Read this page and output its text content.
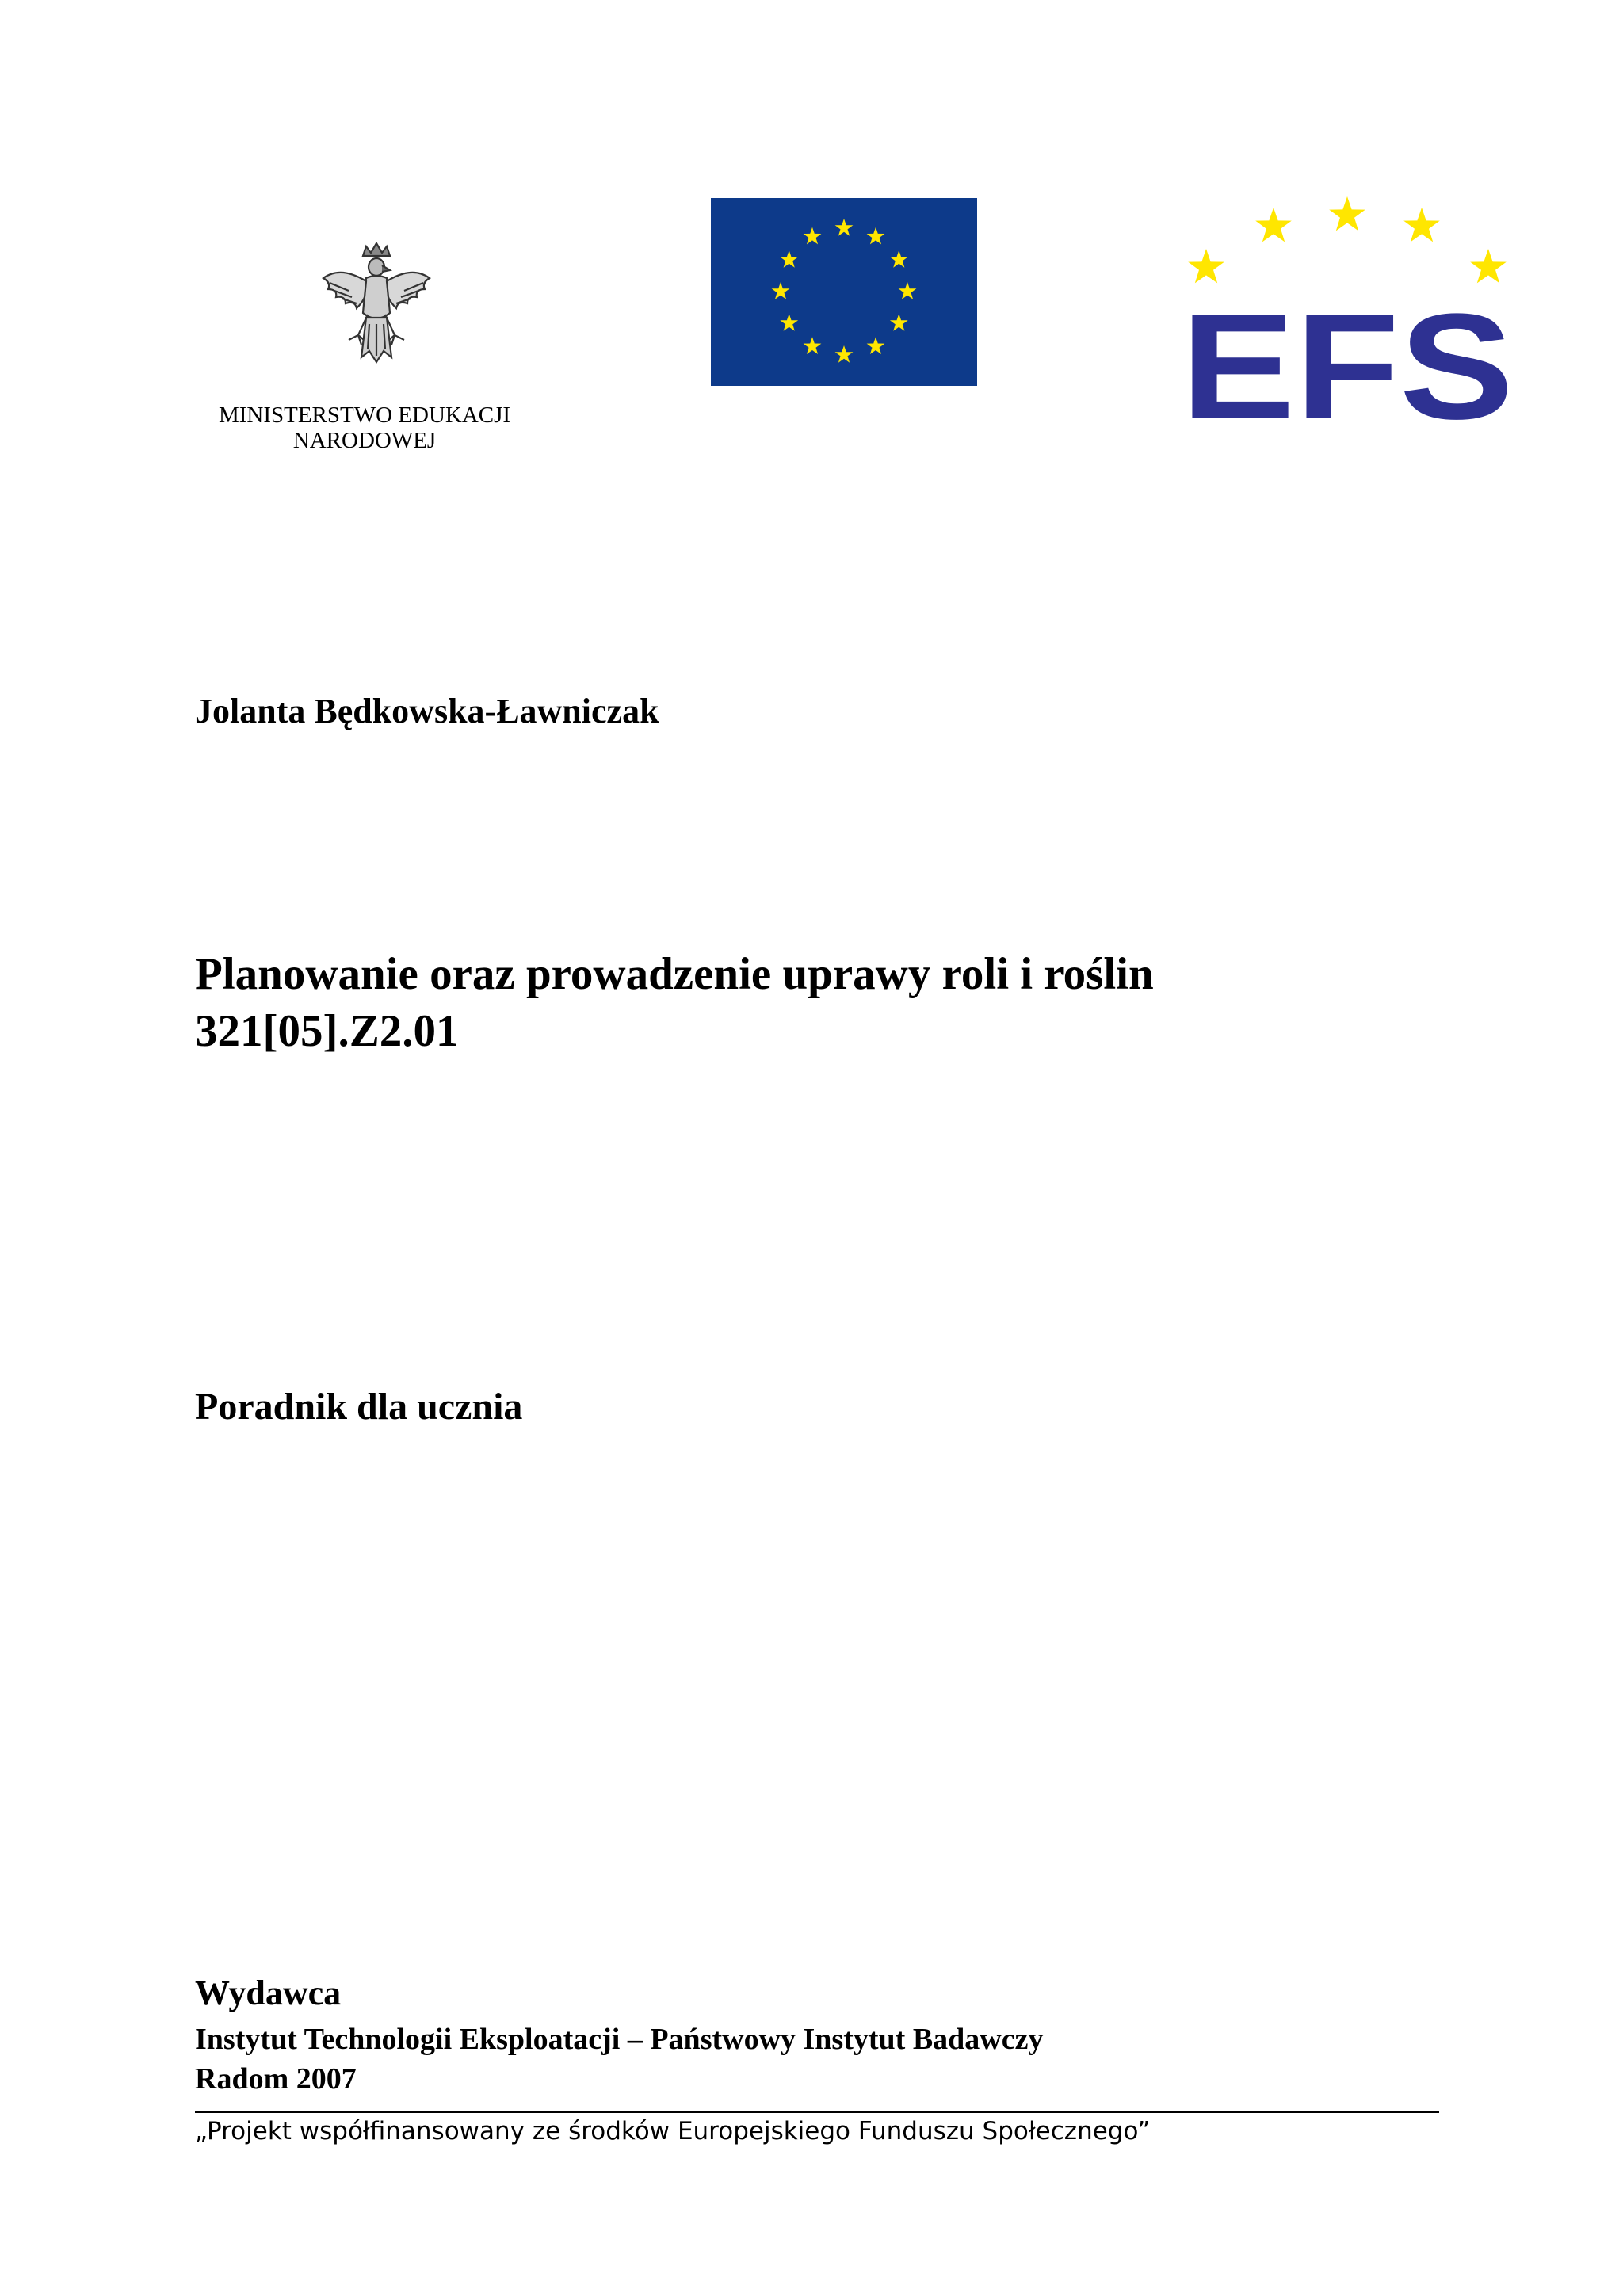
MINISTERSTWO EDUKACJI
NARODOWEJ	EFS
Jolanta Będkowska-Ławniczak
Planowanie oraz prowadzenie uprawy roli i roślin
321[05].Z2.01
Poradnik dla ucznia
Wydawca
Instytut Technologii Eksploatacji – Państwowy Instytut Badawczy
Radom 2007
„Projekt współfinansowany ze środków Europejskiego Funduszu Społecznego”
